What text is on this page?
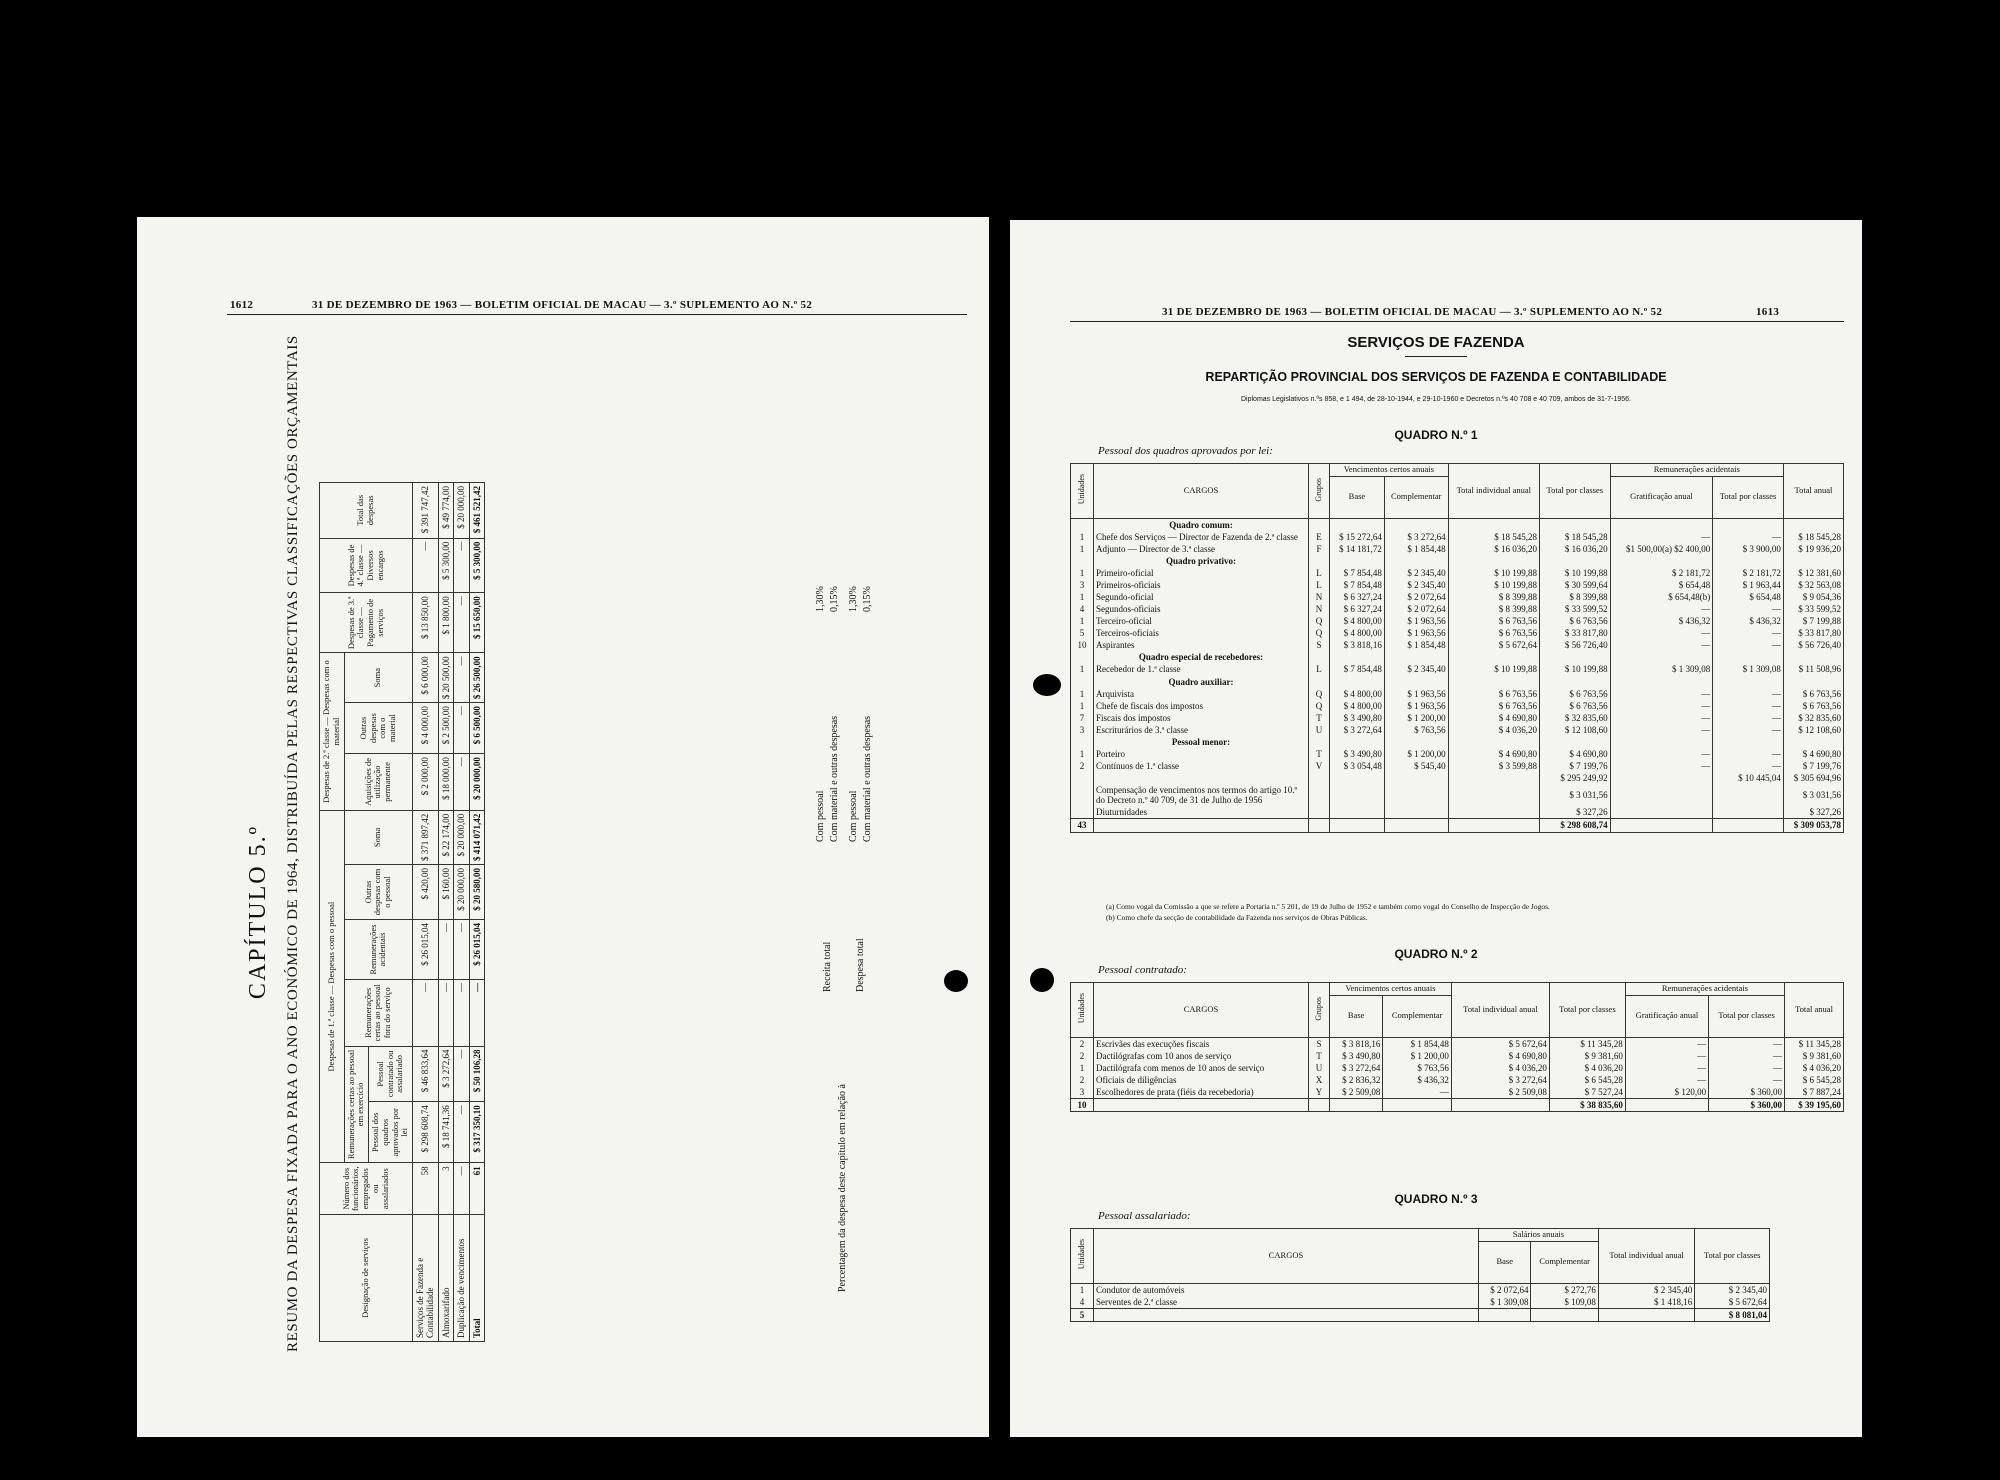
1612	31 DE DEZEMBRO DE 1963 — BOLETIM OFICIAL DE MACAU — 3.º SUPLEMENTO AO N.º 52
CAPÍTULO 5.º RESUMO DA DESPESA FIXADA PARA O ANO ECONÓMICO DE 1964, DISTRIBUÍDA PELAS RESPECTIVAS CLASSIFICAÇÕES ORÇAMENTAIS	Designação de serviços	Número dos funcionários, empregados ou assalariados	Despesas de 1.ª classe — Despesas com o pessoal						Despesas de 2.ª classe — Despesas com o material			Despesas de 3.ª classe — Pagamento de serviços	Despesas de 4.ª classe — Diversos encargos	Total das despesas
		Remunerações certas ao pessoal em exercício		Remunerações certas ao pessoal fora do serviço	Remunerações acidentais	Outras despesas com o pessoal	Soma	Aquisições de utilização permanente	Outras despesas com o material	Soma			
		Pessoal dos quadros aprovados por lei	Pessoal contratado ou assalariado										
Serviços de Fazenda e Contabilidade	58	$ 298 608,74	$ 46 833,64	—	$ 26 015,04	$ 420,00	$ 371 897,42	$ 2 000,00	$ 4 000,00	$ 6 000,00	$ 13 850,00	—	$ 391 747,42
Almoxarifado	3	$ 18 741,36	$ 3 272,64	—	—	$ 160,00	$ 22 174,00	$ 18 000,00	$ 2 500,00	$ 20 500,00	$ 1 800,00	$ 5 300,00	$ 49 774,00
Duplicação de vencimentos	—	—	—	—	—	$ 20 000,00	$ 20 000,00	—	—	—	—	—	$ 20 000,00
Total	61	$ 317 350,10	$ 50 106,28	—	$ 26 015,04	$ 20 580,00	$ 414 071,42	$ 20 000,00	$ 6 500,00	$ 26 500,00	$ 15 650,00	$ 5 300,00	$ 461 521,42
Percentagem da despesa deste capítulo em relação à
Receita total Despesa total
Com pessoal Com material e outras despesas Com pessoal Com material e outras despesas
1,30% 0,15% 1,30% 0,15%
31 DE DEZEMBRO DE 1963 — BOLETIM OFICIAL DE MACAU — 3.º SUPLEMENTO AO N.º 52	1613
SERVIÇOS DE FAZENDA
REPARTIÇÃO PROVINCIAL DOS SERVIÇOS DE FAZENDA E CONTABILIDADE
Diplomas Legislativos n.ºs 858, e 1 494, de 28-10-1944, e 29-10-1960 e Decretos n.ºs 40 708 e 40 709, ambos de 31-7-1956.
QUADRO N.º 1
Pessoal dos quadros aprovados por lei:
Unidades	CARGOS	Grupos	Vencimentos certos anuais		Total individual anual	Total por classes	Remunerações acidentais		Total anual
			Base	Complementar			Gratificação anual	Total por classes	
	Quadro comum:								
1	Chefe dos Serviços — Director de Fazenda de 2.ª classe	E	$ 15 272,64	$ 3 272,64	$ 18 545,28	$ 18 545,28	—	—	$ 18 545,28
1	Adjunto — Director de 3.ª classe	F	$ 14 181,72	$ 1 854,48	$ 16 036,20	$ 16 036,20	$1 500,00(a) $2 400,00	$ 3 900,00	$ 19 936,20
	Quadro privativo:								
1	Primeiro-oficial	L	$ 7 854,48	$ 2 345,40	$ 10 199,88	$ 10 199,88	$ 2 181,72	$ 2 181,72	$ 12 381,60
3	Primeiros-oficiais	L	$ 7 854,48	$ 2 345,40	$ 10 199,88	$ 30 599,64	$ 654,48	$ 1 963,44	$ 32 563,08
1	Segundo-oficial	N	$ 6 327,24	$ 2 072,64	$ 8 399,88	$ 8 399,88	$ 654,48(b)	$ 654,48	$ 9 054,36
4	Segundos-oficiais	N	$ 6 327,24	$ 2 072,64	$ 8 399,88	$ 33 599,52	—	—	$ 33 599,52
1	Terceiro-oficial	Q	$ 4 800,00	$ 1 963,56	$ 6 763,56	$ 6 763,56	$ 436,32	$ 436,32	$ 7 199,88
5	Terceiros-oficiais	Q	$ 4 800,00	$ 1 963,56	$ 6 763,56	$ 33 817,80	—	—	$ 33 817,80
10	Aspirantes	S	$ 3 818,16	$ 1 854,48	$ 5 672,64	$ 56 726,40	—	—	$ 56 726,40
	Quadro especial de recebedores:								
1	Recebedor de 1.ª classe	L	$ 7 854,48	$ 2 345,40	$ 10 199,88	$ 10 199,88	$ 1 309,08	$ 1 309,08	$ 11 508,96
	Quadro auxiliar:								
1	Arquivista	Q	$ 4 800,00	$ 1 963,56	$ 6 763,56	$ 6 763,56	—	—	$ 6 763,56
1	Chefe de fiscais dos impostos	Q	$ 4 800,00	$ 1 963,56	$ 6 763,56	$ 6 763,56	—	—	$ 6 763,56
7	Fiscais dos impostos	T	$ 3 490,80	$ 1 200,00	$ 4 690,80	$ 32 835,60	—	—	$ 32 835,60
3	Escriturários de 3.ª classe	U	$ 3 272,64	$ 763,56	$ 4 036,20	$ 12 108,60	—	—	$ 12 108,60
	Pessoal menor:								
1	Porteiro	T	$ 3 490,80	$ 1 200,00	$ 4 690,80	$ 4 690,80	—	—	$ 4 690,80
2	Contínuos de 1.ª classe	V	$ 3 054,48	$ 545,40	$ 3 599,88	$ 7 199,76	—	—	$ 7 199,76
						$ 295 249,92		$ 10 445,04	$ 305 694,96
	Compensação de vencimentos nos termos do artigo 10.º do Decreto n.º 40 709, de 31 de Julho de 1956					$ 3 031,56			$ 3 031,56
	Diuturnidades					$ 327,26			$ 327,26
43						$ 298 608,74			$ 309 053,78
(a) Como vogal da Comissão a que se refere a Portaria n.º 5 201, de 19 de Julho de 1952 e também como vogal do Conselho de Inspecção de Jogos.
(b) Como chefe da secção de contabilidade da Fazenda nos serviços de Obras Públicas.
QUADRO N.º 2
Pessoal contratado:
Unidades	CARGOS	Grupos	Vencimentos certos anuais		Total individual anual	Total por classes	Remunerações acidentais		Total anual
			Base	Complementar			Gratificação anual	Total por classes	
2	Escrivães das execuções fiscais	S	$ 3 818,16	$ 1 854,48	$ 5 672,64	$ 11 345,28	—	—	$ 11 345,28
2	Dactilógrafas com 10 anos de serviço	T	$ 3 490,80	$ 1 200,00	$ 4 690,80	$ 9 381,60	—	—	$ 9 381,60
1	Dactilógrafa com menos de 10 anos de serviço	U	$ 3 272,64	$ 763,56	$ 4 036,20	$ 4 036,20	—	—	$ 4 036,20
2	Oficiais de diligências	X	$ 2 836,32	$ 436,32	$ 3 272,64	$ 6 545,28	—	—	$ 6 545,28
3	Escolhedores de prata (fiéis da recebedoria)	Y	$ 2 509,08	—	$ 2 509,08	$ 7 527,24	$ 120,00	$ 360,00	$ 7 887,24
10						$ 38 835,60		$ 360,00	$ 39 195,60
QUADRO N.º 3
Pessoal assalariado:
Unidades	CARGOS	Salários anuais		Total individual anual	Total por classes
		Base	Complementar		
1	Condutor de automóveis	$ 2 072,64	$ 272,76	$ 2 345,40	$ 2 345,40
4	Serventes de 2.ª classe	$ 1 309,08	$ 109,08	$ 1 418,16	$ 5 672,64
5					$ 8 081,04
